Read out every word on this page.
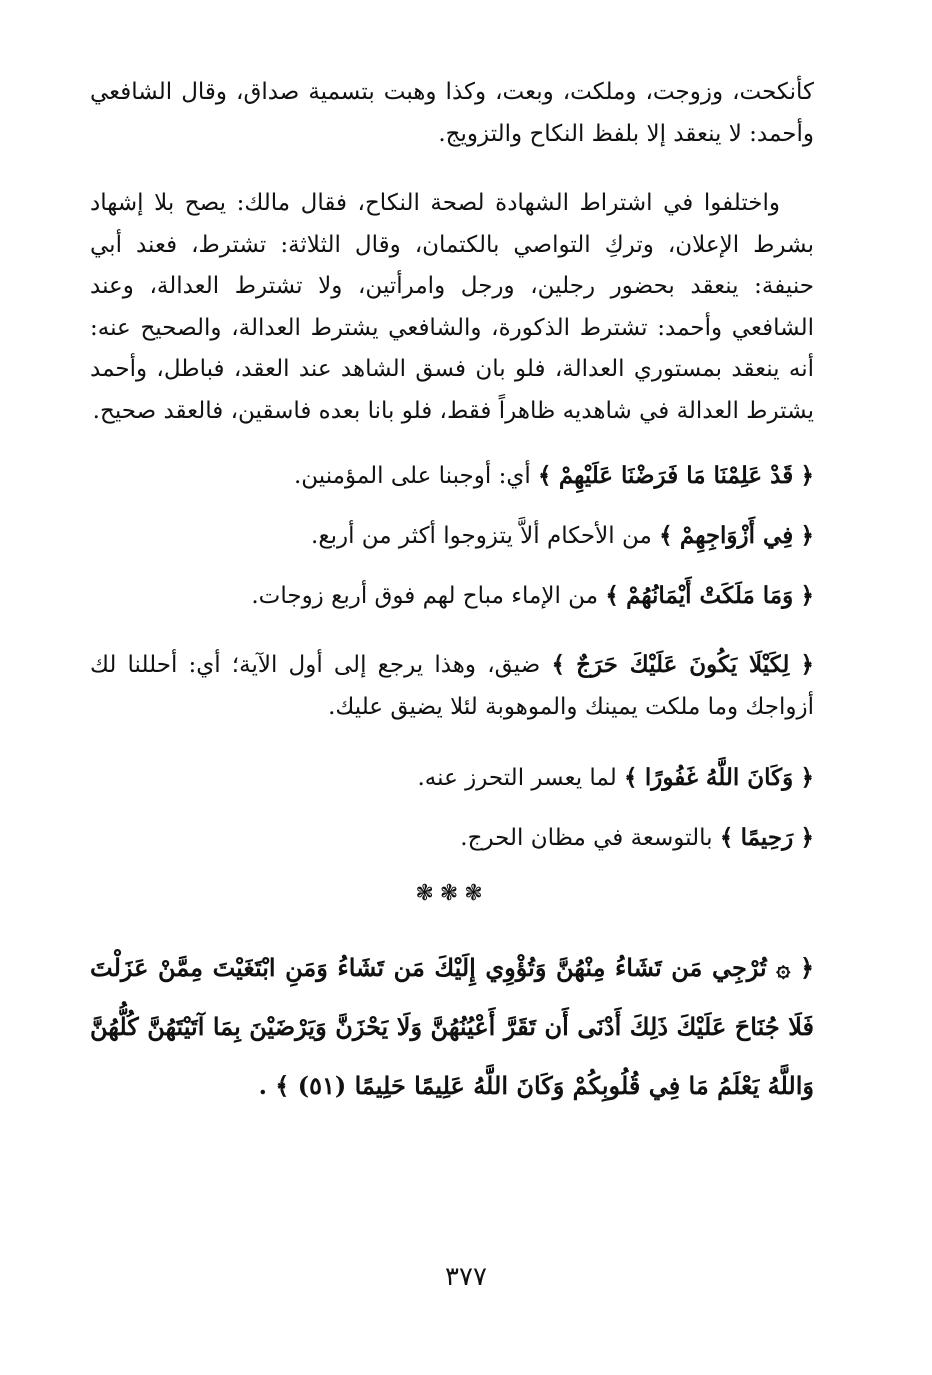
كأنكحت، وزوجت، وملكت، وبعت، وكذا وهبت بتسمية صداق، وقال الشافعي وأحمد: لا ينعقد إلا بلفظ النكاح والتزويج.

واختلفوا في اشتراط الشهادة لصحة النكاح، فقال مالك: يصح بلا إشهاد بشرط الإعلان، وتركِ التواصي بالكتمان، وقال الثلاثة: تشترط، فعند أبي حنيفة: ينعقد بحضور رجلين، ورجل وامرأتين، ولا تشترط العدالة، وعند الشافعي وأحمد: تشترط الذكورة، والشافعي يشترط العدالة، والصحيح عنه: أنه ينعقد بمستوري العدالة، فلو بان فسق الشاهد عند العقد، فباطل، وأحمد يشترط العدالة في شاهديه ظاهراً فقط، فلو بانا بعده فاسقين، فالعقد صحيح.

﴿ قَدْ عَلِمْنَا مَا فَرَضْنَا عَلَيْهِمْ ﴾ أي: أوجبنا على المؤمنين.

﴿ فِي أَزْوَاجِهِمْ ﴾ من الأحكام ألاَّ يتزوجوا أكثر من أربع.

﴿ وَمَا مَلَكَتْ أَيْمَانُهُمْ ﴾ من الإماء مباح لهم فوق أربع زوجات.

﴿ لِكَيْلَا يَكُونَ عَلَيْكَ حَرَجٌ ﴾ ضيق، وهذا يرجع إلى أول الآية؛ أي: أحللنا لك أزواجك وما ملكت يمينك والموهوبة لئلا يضيق عليك.

﴿ وَكَانَ اللَّهُ غَفُورًا ﴾ لما يعسر التحرز عنه.

﴿ رَحِيمًا ﴾ بالتوسعة في مظان الحرج.

❃❃❃

﴿ ۞ تُرْجِي مَن تَشَاءُ مِنْهُنَّ وَتُؤْوِي إِلَيْكَ مَن تَشَاءُ وَمَنِ ابْتَغَيْتَ مِمَّنْ عَزَلْتَ فَلَا جُنَاحَ عَلَيْكَ ذَلِكَ أَدْنَى أَن تَقَرَّ أَعْيُنُهُنَّ وَلَا يَحْزَنَّ وَيَرْضَيْنَ بِمَا آتَيْتَهُنَّ كُلُّهُنَّ وَاللَّهُ يَعْلَمُ مَا فِي قُلُوبِكُمْ وَكَانَ اللَّهُ عَلِيمًا حَلِيمًا (٥١) ﴾ .

٣٧٧
